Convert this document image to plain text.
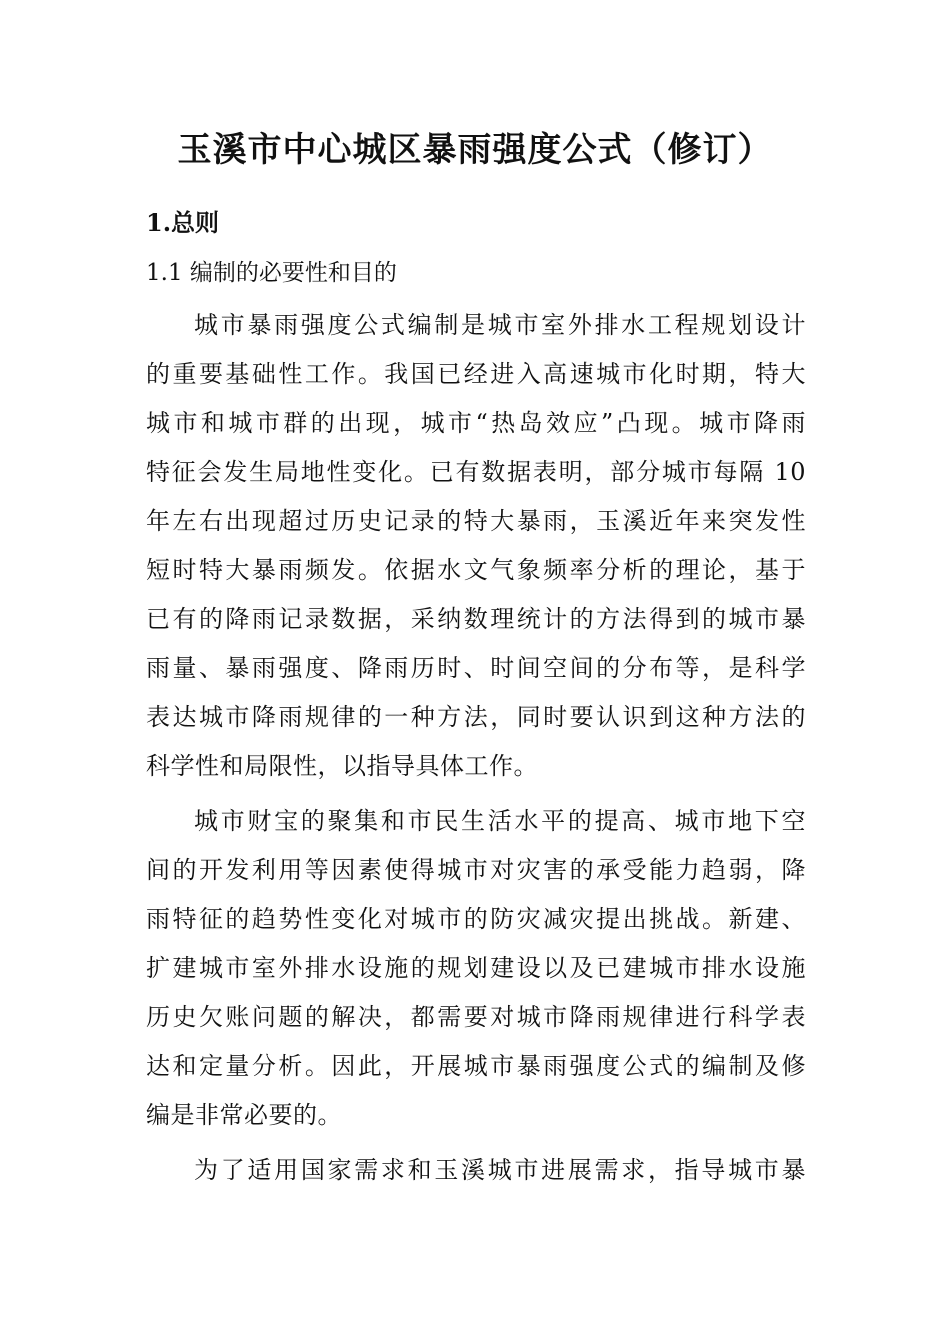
玉溪市中心城区暴雨强度公式（修订）
1.总则
1.1 编制的必要性和目的
城市暴雨强度公式编制是城市室外排水工程规划设计
的重要基础性工作。我国已经进入高速城市化时期，特大
城市和城市群的出现，城市“热岛效应”凸现。城市降雨
特征会发生局地性变化。已有数据表明，部分城市每隔 10
年左右出现超过历史记录的特大暴雨，玉溪近年来突发性
短时特大暴雨频发。依据水文气象频率分析的理论，基于
已有的降雨记录数据，采纳数理统计的方法得到的城市暴
雨量、暴雨强度、降雨历时、时间空间的分布等，是科学
表达城市降雨规律的一种方法，同时要认识到这种方法的
科学性和局限性，以指导具体工作。
城市财宝的聚集和市民生活水平的提高、城市地下空
间的开发利用等因素使得城市对灾害的承受能力趋弱，降
雨特征的趋势性变化对城市的防灾减灾提出挑战。新建、
扩建城市室外排水设施的规划建设以及已建城市排水设施
历史欠账问题的解决，都需要对城市降雨规律进行科学表
达和定量分析。因此，开展城市暴雨强度公式的编制及修
编是非常必要的。
为了适用国家需求和玉溪城市进展需求，指导城市暴
